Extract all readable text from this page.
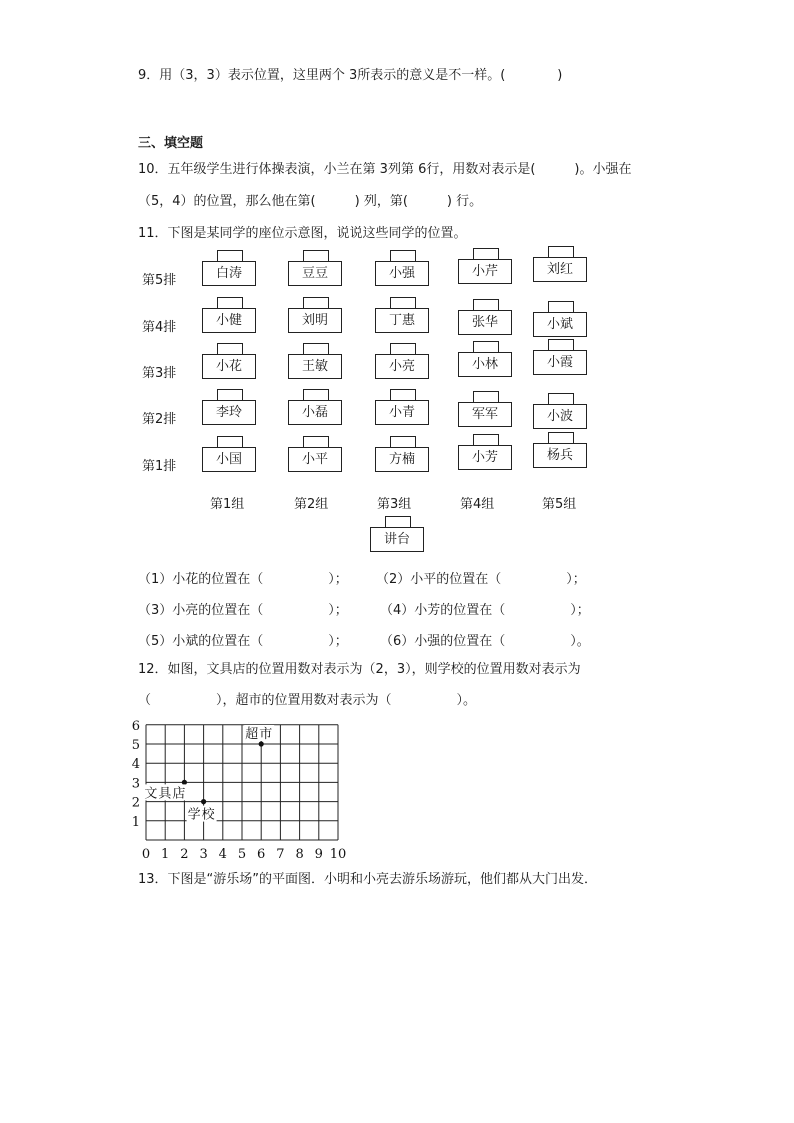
9．用（3，3）表示位置，这里两个 3所表示的意义是不一样。(　　　　)
三、填空题
10．五年级学生进行体操表演，小兰在第 3列第 6行，用数对表示是(　　　)。小强在
（5，4）的位置，那么他在第(　　　) 列，第(　　　) 行。
11．下图是某同学的座位示意图，说说这些同学的位置。
第5排	白涛	豆豆	小强	小芹	刘红
第4排	小健	刘明	丁惠	张华	小斌
第3排	小花	王敏	小亮	小林	小霞
第2排	李玲	小磊	小青	军军	小波
第1排	小国	小平	方楠	小芳	杨兵
第1组	第2组	第3组	第4组	第5组
讲台
（1）小花的位置在（　　　　　）； （2）小平的位置在（　　　　　）；
（3）小亮的位置在（　　　　　）； （4）小芳的位置在（　　　　　）；
（5）小斌的位置在（　　　　　）； （6）小强的位置在（　　　　　）。
12．如图，文具店的位置用数对表示为（2，3），则学校的位置用数对表示为
（　　　　　），超市的位置用数对表示为（　　　　　）。
0 1 2 3 4 5 6 7 8 9 10
1
2
3
4
5
6
文具店
学校
超市
13．下图是“游乐场”的平面图．小明和小亮去游乐场游玩，他们都从大门出发．
